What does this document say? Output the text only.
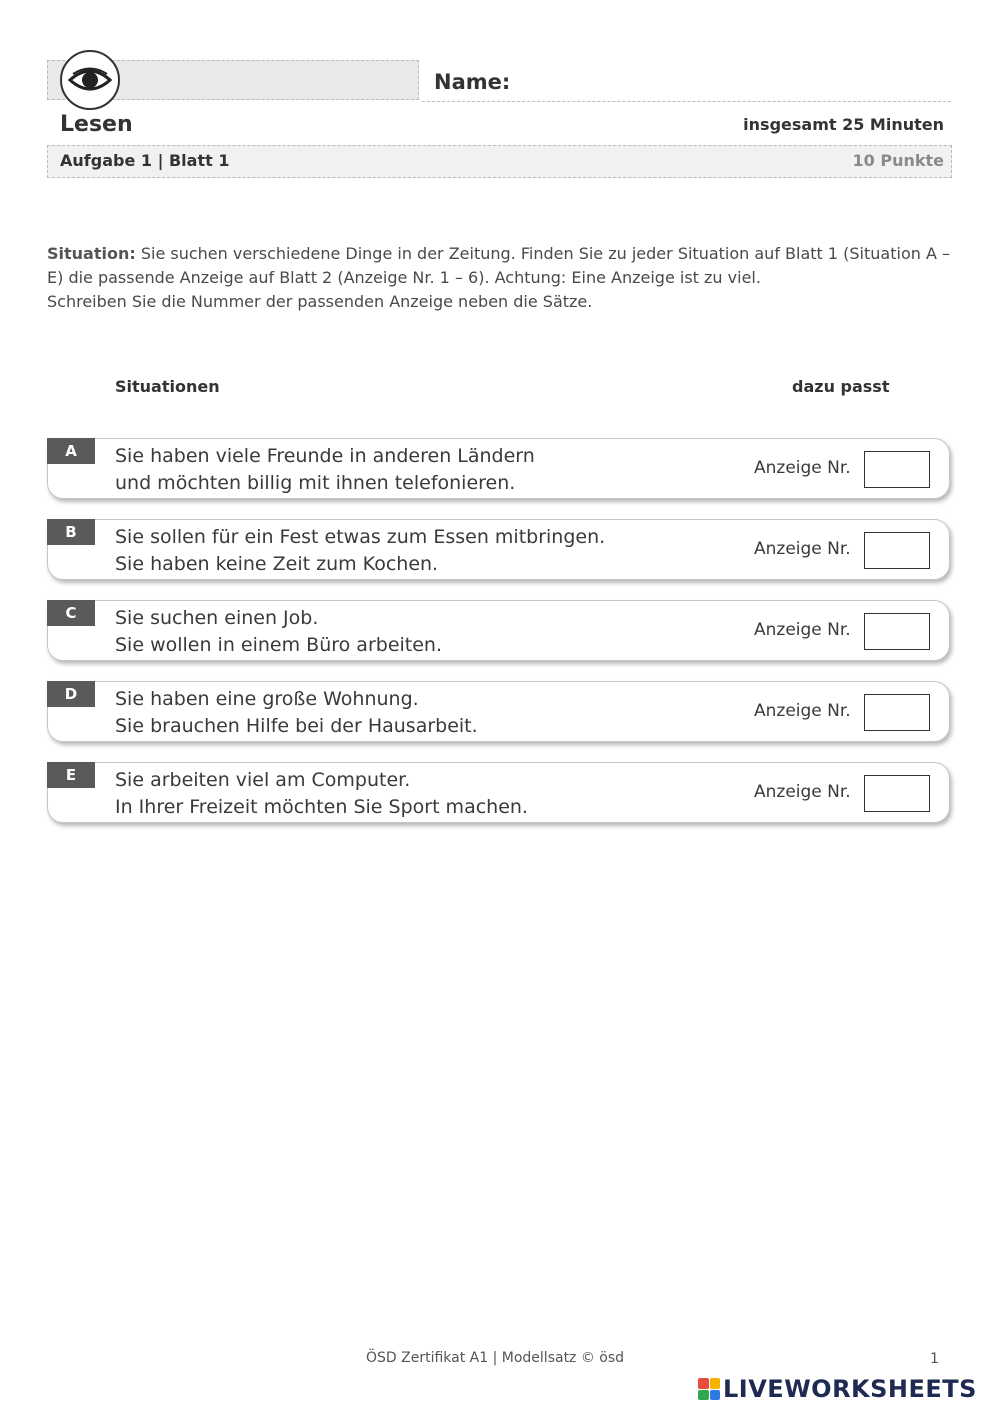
Name:
Lesen	insgesamt 25 Minuten
Aufgabe 1 | Blatt 1	10 Punkte
Situation: Sie suchen verschiedene Dinge in der Zeitung. Finden Sie zu jeder Situation auf Blatt 1 (Situation A – E) die passende Anzeige auf Blatt 2 (Anzeige Nr. 1 – 6). Achtung: Eine Anzeige ist zu viel.
Schreiben Sie die Nummer der passenden Anzeige neben die Sätze.
Situationen	dazu passt
A	Sie haben viele Freunde in anderen Ländern
und möchten billig mit ihnen telefonieren.
Anzeige Nr.
B	Sie sollen für ein Fest etwas zum Essen mitbringen.
Sie haben keine Zeit zum Kochen.
Anzeige Nr.
C	Sie suchen einen Job.
Sie wollen in einem Büro arbeiten.
Anzeige Nr.
D	Sie haben eine große Wohnung.
Sie brauchen Hilfe bei der Hausarbeit.
Anzeige Nr.
E	Sie arbeiten viel am Computer.
In Ihrer Freizeit möchten Sie Sport machen.
Anzeige Nr.
ÖSD Zertifikat A1 | Modellsatz © ösd	1
LIVEWORKSHEETS
